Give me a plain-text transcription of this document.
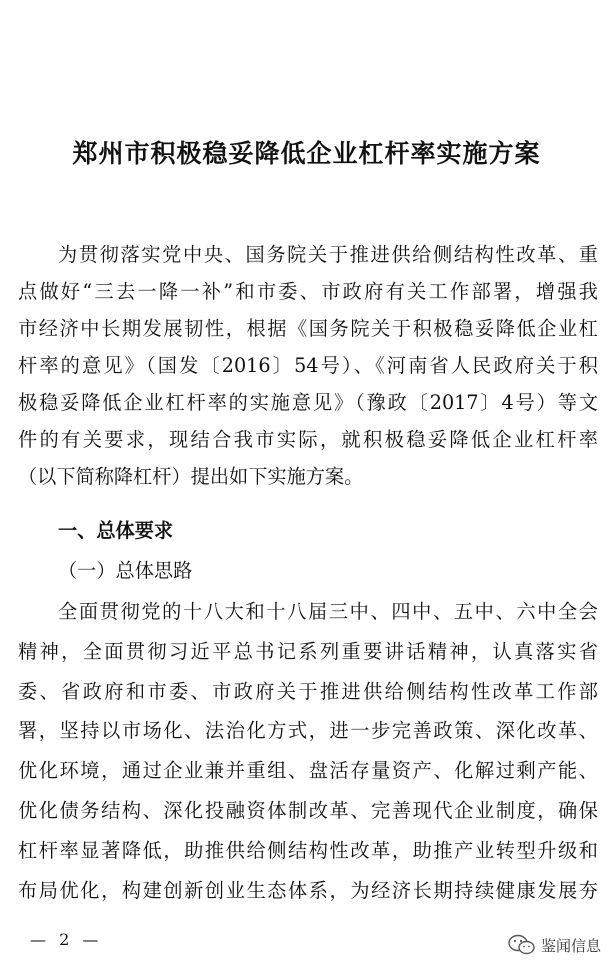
郑州市积极稳妥降低企业杠杆率实施方案
为贯彻落实党中央、国务院关于推进供给侧结构性改革、重
点做好“三去一降一补”和市委、市政府有关工作部署，增强我
市经济中长期发展韧性，根据《国务院关于积极稳妥降低企业杠
杆率的意见》（国发〔2016〕54号）、《河南省人民政府关于积
极稳妥降低企业杠杆率的实施意见》（豫政〔2017〕4号）等文
件的有关要求，现结合我市实际，就积极稳妥降低企业杠杆率
（以下简称降杠杆）提出如下实施方案。
一、总体要求
（一）总体思路
全面贯彻党的十八大和十八届三中、四中、五中、六中全会
精神，全面贯彻习近平总书记系列重要讲话精神，认真落实省
委、省政府和市委、市政府关于推进供给侧结构性改革工作部
署，坚持以市场化、法治化方式，进一步完善政策、深化改革、
优化环境，通过企业兼并重组、盘活存量资产、化解过剩产能、
优化债务结构、深化投融资体制改革、完善现代企业制度，确保
杠杆率显著降低，助推供给侧结构性改革，助推产业转型升级和
布局优化，构建创新创业生态体系，为经济长期持续健康发展夯
— 2 —	鉴闻信息
